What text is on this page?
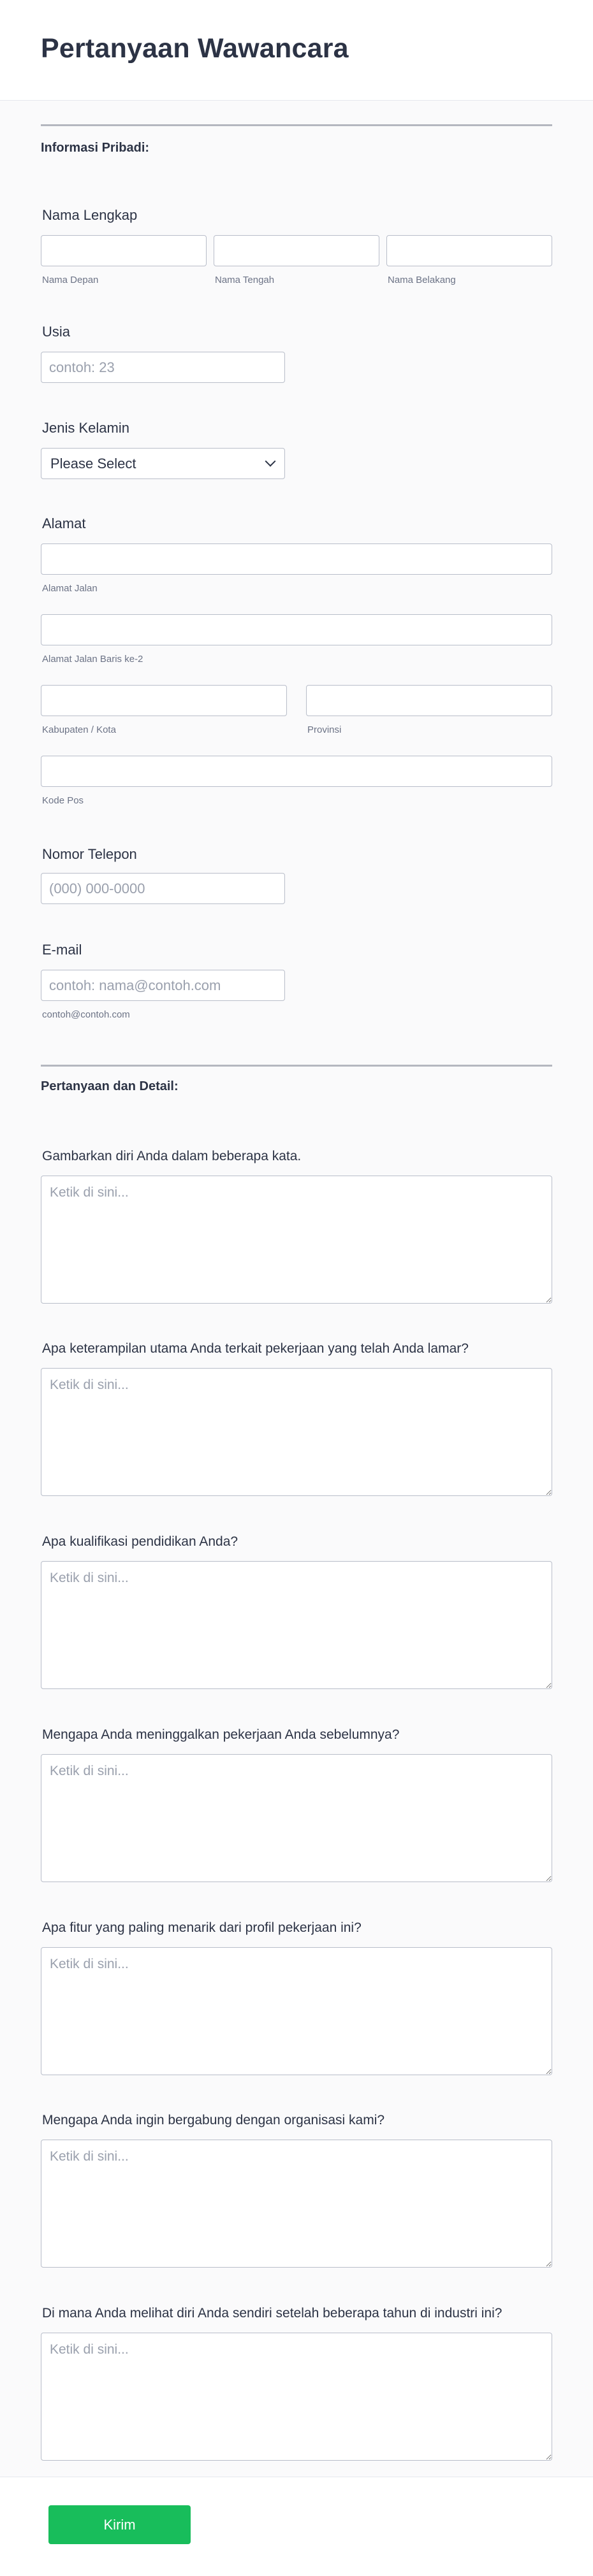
Pertanyaan Wawancara
Informasi Pribadi:
Nama Lengkap
Nama Depan	Nama Tengah	Nama Belakang
Usia
contoh: 23
Jenis Kelamin
Please Select
Alamat
Alamat Jalan
Alamat Jalan Baris ke-2
Kabupaten / Kota	Provinsi
Kode Pos
Nomor Telepon
(000) 000-0000
E-mail
contoh: nama@contoh.com
contoh@contoh.com
Pertanyaan dan Detail:
Gambarkan diri Anda dalam beberapa kata.
Ketik di sini...
Apa keterampilan utama Anda terkait pekerjaan yang telah Anda lamar?
Ketik di sini...
Apa kualifikasi pendidikan Anda?
Ketik di sini...
Mengapa Anda meninggalkan pekerjaan Anda sebelumnya?
Ketik di sini...
Apa fitur yang paling menarik dari profil pekerjaan ini?
Ketik di sini...
Mengapa Anda ingin bergabung dengan organisasi kami?
Ketik di sini...
Di mana Anda melihat diri Anda sendiri setelah beberapa tahun di industri ini?
Ketik di sini...
Kirim
